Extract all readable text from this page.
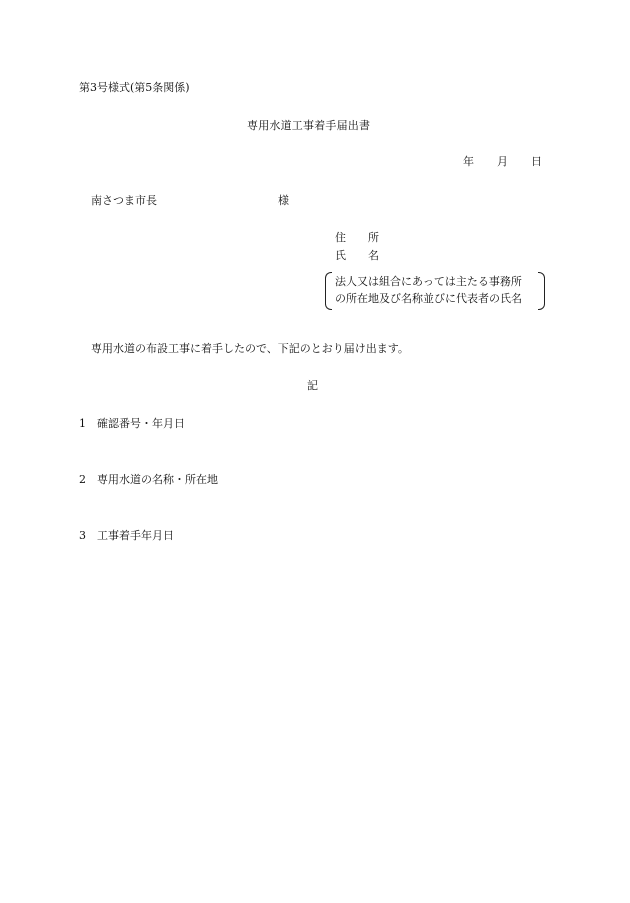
第3号様式(第5条関係)
専用水道工事着手届出書
年 月 日
南さつま市長	様
住　　所
氏　　名
法人又は組合にあっては主たる事務所
の所在地及び名称並びに代表者の氏名
専用水道の布設工事に着手したので、下記のとおり届け出ます。
記
1 確認番号・年月日
2 専用水道の名称・所在地
3 工事着手年月日
